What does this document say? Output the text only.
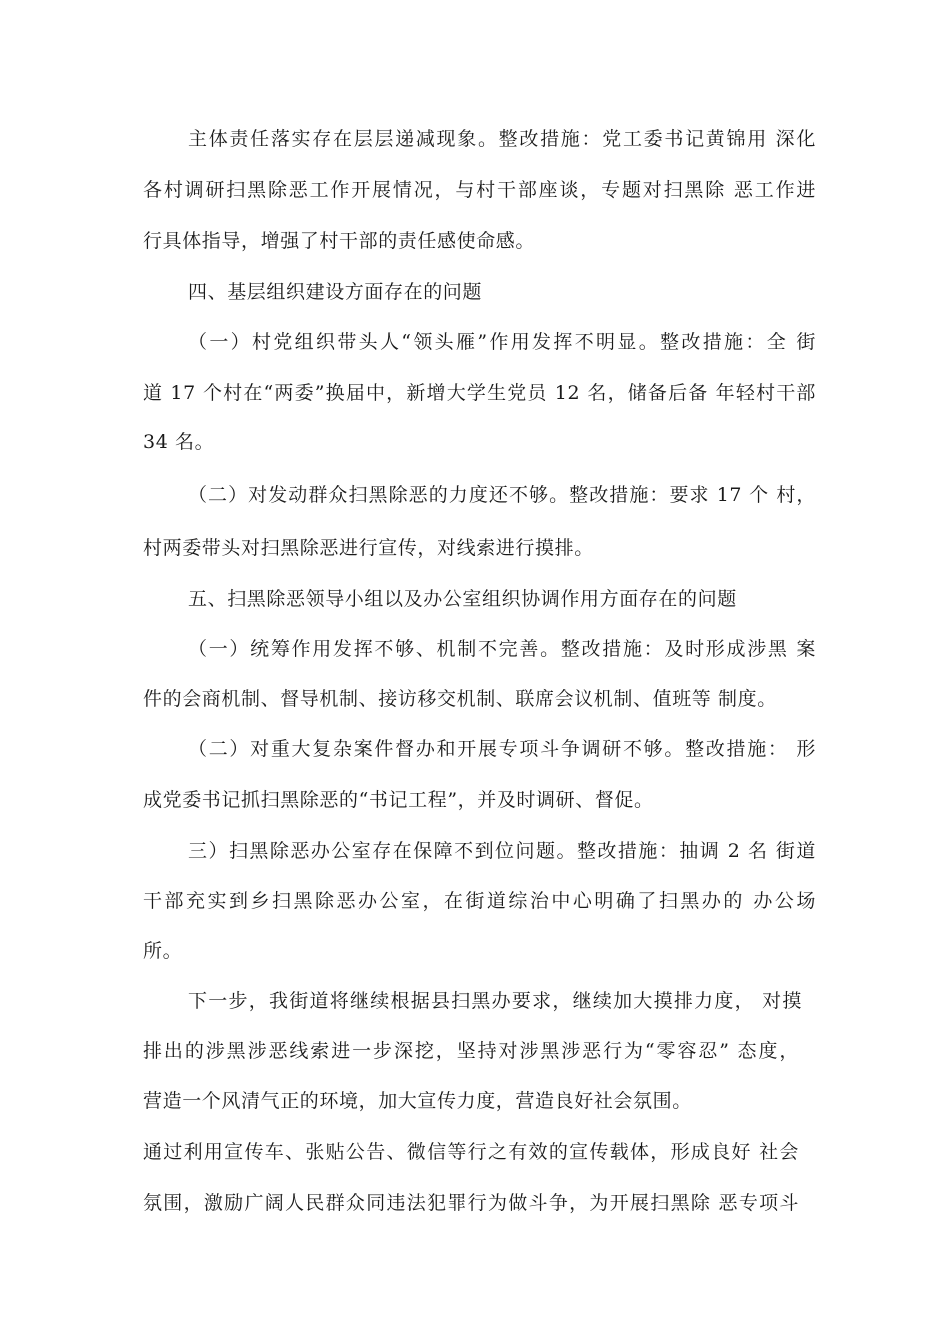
主体责任落实存在层层递减现象。整改措施：党工委书记黄锦用 深化
各村调研扫黑除恶工作开展情况，与村干部座谈，专题对扫黑除 恶工作进
行具体指导，增强了村干部的责任感使命感。
四、基层组织建设方面存在的问题
（一）村党组织带头人“领头雁”作用发挥不明显。整改措施：全 街
道 17 个村在“两委”换届中，新增大学生党员 12 名，储备后备 年轻村干部
34 名。
（二）对发动群众扫黑除恶的力度还不够。整改措施：要求 17 个 村，
村两委带头对扫黑除恶进行宣传，对线索进行摸排。
五、扫黑除恶领导小组以及办公室组织协调作用方面存在的问题
（一）统筹作用发挥不够、机制不完善。整改措施：及时形成涉黑 案
件的会商机制、督导机制、接访移交机制、联席会议机制、值班等 制度。
（二）对重大复杂案件督办和开展专项斗争调研不够。整改措施： 形
成党委书记抓扫黑除恶的“书记工程”，并及时调研、督促。
三）扫黑除恶办公室存在保障不到位问题。整改措施：抽调 2 名 街道
干部充实到乡扫黑除恶办公室，在街道综治中心明确了扫黑办的 办公场
所。
下一步，我街道将继续根据县扫黑办要求，继续加大摸排力度， 对摸
排出的涉黑涉恶线索进一步深挖，坚持对涉黑涉恶行为“零容忍” 态度，
营造一个风清气正的环境，加大宣传力度，营造良好社会氛围。
通过利用宣传车、张贴公告、微信等行之有效的宣传载体，形成良好 社会
氛围，激励广阔人民群众同违法犯罪行为做斗争，为开展扫黑除 恶专项斗
